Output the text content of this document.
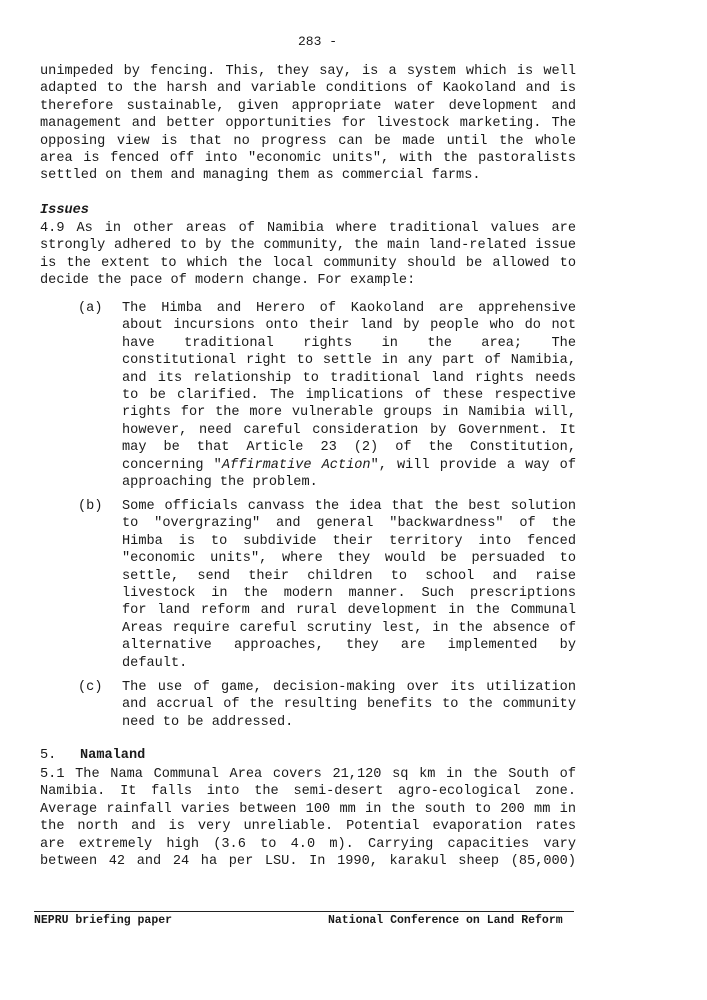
283 -
unimpeded by fencing. This, they say, is a system which is well
adapted to the harsh and variable conditions of Kaokoland and is
therefore sustainable, given appropriate water development and
management and better opportunities for livestock marketing. The
opposing view is that no progress can be made until the whole
area is fenced off into "economic units", with the pastoralists
settled on them and managing them as commercial farms.
Issues
4.9 As in other areas of Namibia where traditional values are
strongly adhered to by the community, the main land-related issue
is the extent to which the local community should be allowed to
decide the pace of modern change. For example:
(a)	The Himba and Herero of Kaokoland are apprehensive
about incursions onto their land by people who do not
have traditional rights in the area; The
constitutional right to settle in any part of Namibia,
and its relationship to traditional land rights needs
to be clarified. The implications of these respective
rights for the more vulnerable groups in Namibia will,
however, need careful consideration by Government. It
may be that Article 23 (2) of the Constitution,
concerning "Affirmative Action", will provide a way of
approaching the problem.
(b)	Some officials canvass the idea that the best solution
to "overgrazing" and general "backwardness" of the
Himba is to subdivide their territory into fenced
"economic units", where they would be persuaded to
settle, send their children to school and raise
livestock in the modern manner. Such prescriptions
for land reform and rural development in the Communal
Areas require careful scrutiny lest, in the absence of
alternative approaches, they are implemented by
default.
(c)	The use of game, decision-making over its utilization
and accrual of the resulting benefits to the community
need to be addressed.
5. Namaland
5.1 The Nama Communal Area covers 21,120 sq km in the South of
Namibia. It falls into the semi-desert agro-ecological zone.
Average rainfall varies between 100 mm in the south to 200 mm in
the north and is very unreliable. Potential evaporation rates
are extremely high (3.6 to 4.0 m). Carrying capacities vary
between 42 and 24 ha per LSU. In 1990, karakul sheep (85,000)
NEPRU briefing paper	National Conference on Land Reform
